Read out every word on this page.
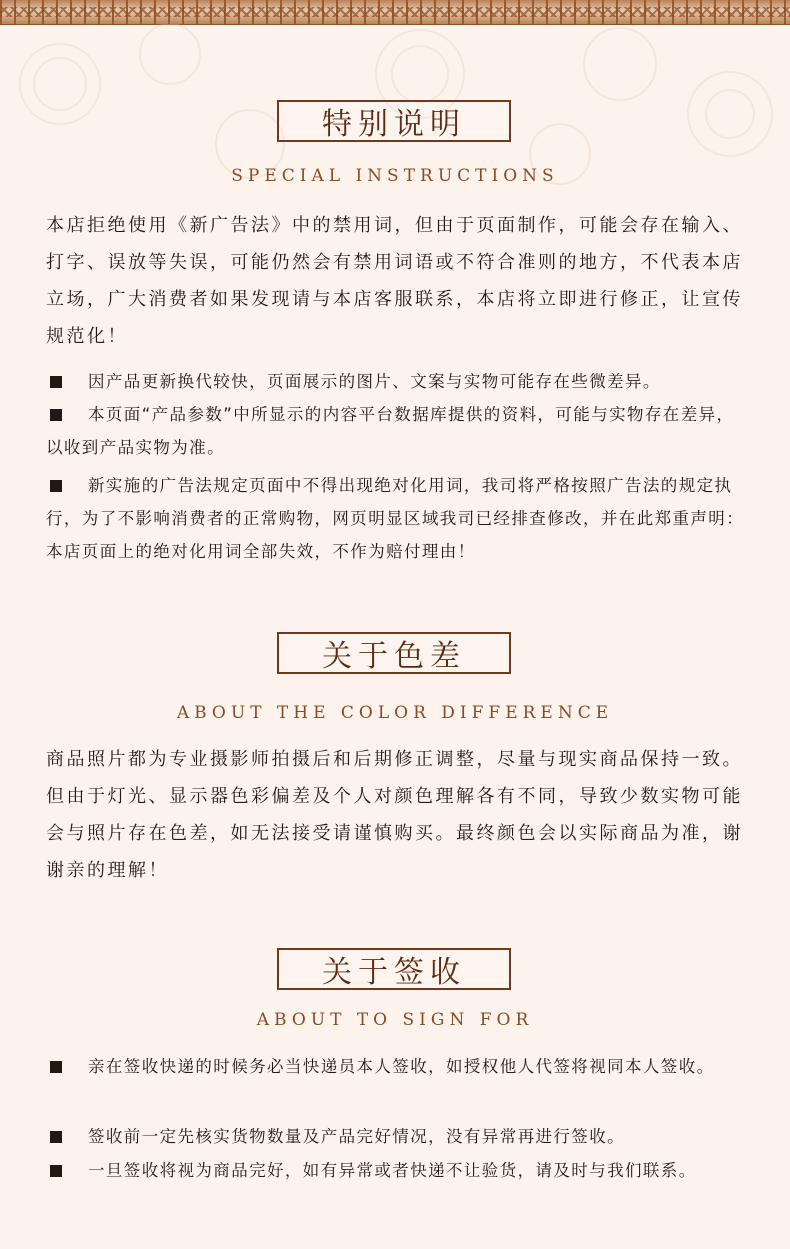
特别说明
SPECIAL INSTRUCTIONS

本店拒绝使用《新广告法》中的禁用词，但由于页面制作，可能会存在输入、打字、误放等失误，可能仍然会有禁用词语或不符合准则的地方，不代表本店立场，广大消费者如果发现请与本店客服联系，本店将立即进行修正，让宣传规范化！

因产品更新换代较快，页面展示的图片、文案与实物可能存在些微差异。

本页面“产品参数”中所显示的内容平台数据库提供的资料，可能与实物存在差异，以收到产品实物为准。

新实施的广告法规定页面中不得出现绝对化用词，我司将严格按照广告法的规定执行，为了不影响消费者的正常购物，网页明显区域我司已经排查修改，并在此郑重声明：本店页面上的绝对化用词全部失效，不作为赔付理由！

关于色差
ABOUT THE COLOR DIFFERENCE

商品照片都为专业摄影师拍摄后和后期修正调整，尽量与现实商品保持一致。但由于灯光、显示器色彩偏差及个人对颜色理解各有不同，导致少数实物可能会与照片存在色差，如无法接受请谨慎购买。最终颜色会以实际商品为准，谢谢亲的理解！

关于签收
ABOUT TO SIGN FOR

亲在签收快递的时候务必当快递员本人签收，如授权他人代签将视同本人签收。

签收前一定先核实货物数量及产品完好情况，没有异常再进行签收。

一旦签收将视为商品完好，如有异常或者快递不让验货，请及时与我们联系。
